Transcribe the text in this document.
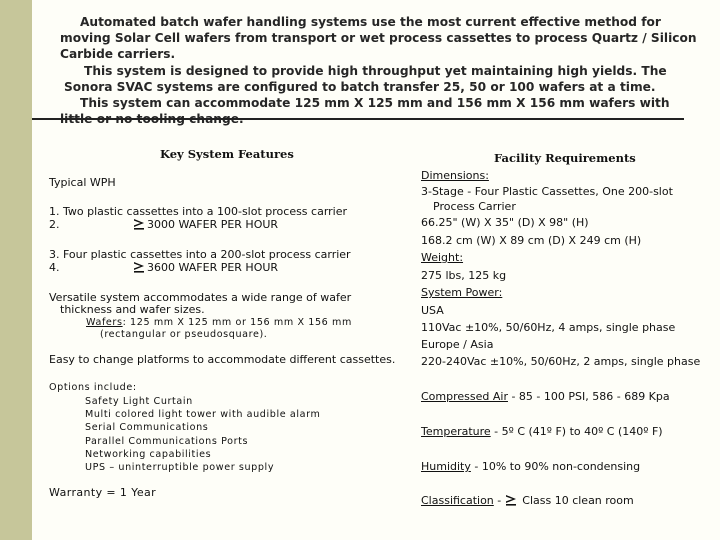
Automated batch wafer handling systems use the most current effective method for moving Solar Cell wafers from transport or wet process cassettes to process Quartz / Silicon Carbide carriers.

This system is designed to provide high throughput yet maintaining high yields. The Sonora SVAC systems are configured to batch transfer 25, 50 or 100 wafers at a time.

This system can accommodate 125 mm X 125 mm and 156 mm X 156 mm wafers with

Key System Features
Typical WPH
1. Two plastic cassettes into a 100-slot process carrier
2.	3000 WAFER PER HOUR
3. Four plastic cassettes into a 200-slot process carrier
4.	3600 WAFER PER HOUR
Versatile system accommodates a wide range of wafer
thickness and wafer sizes.
Wafers: 125 mm X 125 mm or 156 mm X 156 mm
(rectangular or pseudosquare).
Easy to change platforms to accommodate different cassettes.
Options include:
Safety Light Curtain
Multi colored light tower with audible alarm
Serial Communications
Parallel Communications Ports
Networking capabilities
UPS – uninterruptible power supply
Warranty = 1 Year
Facility Requirements
Dimensions:
3-Stage - Four Plastic Cassettes, One 200-slot
Process Carrier
66.25" (W) X 35" (D) X 98" (H)
168.2 cm (W) X 89 cm (D) X 249 cm (H)
Weight:
275 lbs, 125 kg
System Power:
USA
110Vac ±10%, 50/60Hz, 4 amps, single phase
Europe / Asia
220-240Vac ±10%, 50/60Hz, 2 amps, single phase
Compressed Air - 85 - 100 PSI, 586 - 689 Kpa
Temperature - 5º C (41º F) to 40º C (140º F)
Humidity - 10% to 90% non-condensing
Classification -  Class 10 clean room
